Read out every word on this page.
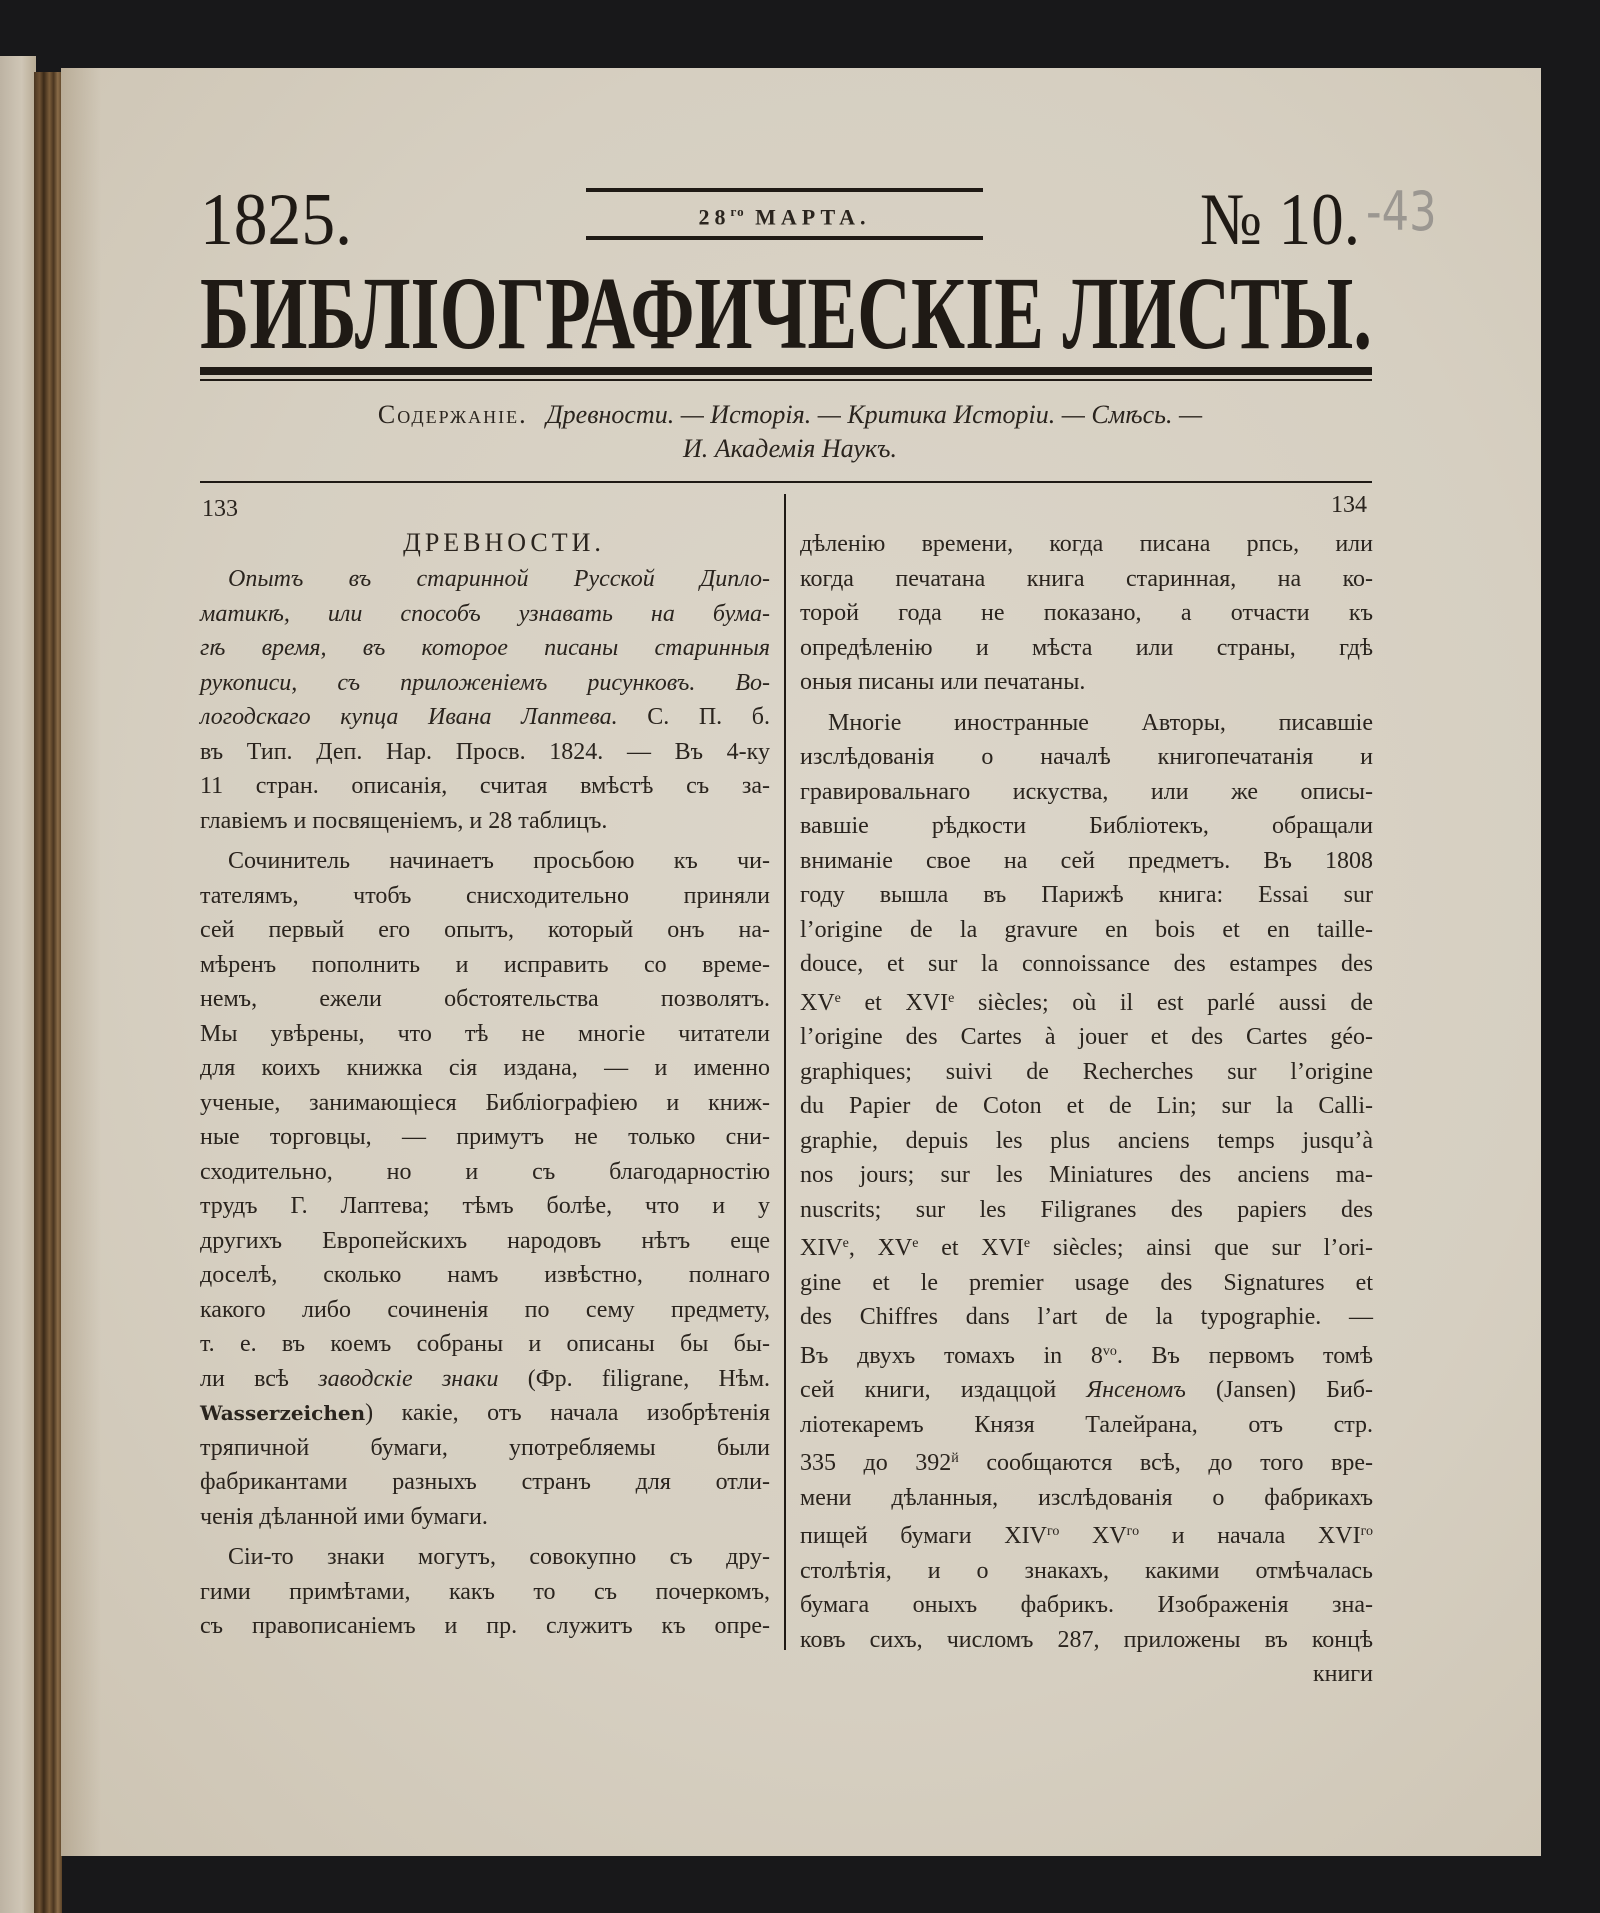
1825.	$28^{го}$ МАРТА.	№ 10. -43
БИБЛІОГРАФИЧЕСКІЕ ЛИСТЫ.
Содержаніе. Древности. — Исторія. — Критика Исторіи. — Смѣсь. —
И. Академія Наукъ.
133	134
ДРЕВНОСТИ.
Опытъ въ старинной Русской Дипло-
матикѣ, или способъ узнавать на бума-
гѣ время, въ которое писаны старинныя
рукописи, съ приложеніемъ рисунковъ. Во-
логодскаго купца Ивана Лаптева. С. П. б.
въ Тип. Деп. Нар. Просв. 1824. — Въ 4-ку
11 стран. описанія, считая вмѣстѣ съ за-
главіемъ и посвященіемъ, и 28 таблицъ.
Сочинитель начинаетъ просьбою къ чи-
тателямъ, чтобъ снисходительно приняли
сей первый его опытъ, который онъ на-
мѣренъ пополнить и исправить со време-
немъ, ежели обстоятельства позволятъ.
Мы увѣрены, что тѣ не многіе читатели
для коихъ книжка сія издана, — и именно
ученые, занимающіеся Библіографіею и книж-
ные торговцы, — примутъ не только сни-
сходительно, но и съ благодарностію
трудъ Г. Лаптева; тѣмъ болѣе, что и у
другихъ Европейскихъ народовъ нѣтъ еще
доселѣ, сколько намъ извѣстно, полнаго
какого либо сочиненія по сему предмету,
т. е. въ коемъ собраны и описаны бы бы-
ли всѣ заводскіе знаки (Фр. filigrane, Нѣм.
Wasserzeichen) какіе, отъ начала изобрѣтенія
тряпичной бумаги, употребляемы были
фабрикантами разныхъ странъ для отли-
ченія дѣланной ими бумаги.
Сіи-то знаки могутъ, совокупно съ дру-
гими примѣтами, какъ то съ почеркомъ,
съ правописаніемъ и пр. служитъ къ опре-
дѣленію времени, когда писана рпсь, или
когда печатана книга старинная, на ко-
торой года не показано, а отчасти къ
опредѣленію и мѣста или страны, гдѣ
оныя писаны или печатаны.
Многіе иностранные Авторы, писавшіе
изслѣдованія о началѣ книгопечатанія и
гравировальнаго искуства, или же описы-
вавшіе рѣдкости Библіотекъ, обращали
вниманіе свое на сей предметъ. Въ 1808
году вышла въ Парижѣ книга: Essai sur
l’origine de la gravure en bois et en taille-
douce, et sur la connoissance des estampes des
XVe et XVIe siècles; où il est parlé aussi de
l’origine des Cartes à jouer et des Cartes géo-
graphiques; suivi de Recherches sur l’origine
du Papier de Coton et de Lin; sur la Calli-
graphie, depuis les plus anciens temps jusqu’à
nos jours; sur les Miniatures des anciens ma-
nuscrits; sur les Filigranes des papiers des
XIVe, XVe et XVIe siècles; ainsi que sur l’ori-
gine et le premier usage des Signatures et
des Chiffres dans l’art de la typographie. —
Въ двухъ томахъ in $8^{vo}$. Въ первомъ томѣ
сей книги, издаццой Янсеномъ (Jansen) Биб-
ліотекаремъ Князя Талейрана, отъ стр.
335 до $392^й$ сообщаются всѣ, до того вре-
мени дѣланныя, изслѣдованія о фабрикахъ
пищей бумаги $XIV^{го}$ $XV^{го}$ и начала $XVI^{го}$
столѣтія, и о знакахъ, какими отмѣчалась
бумага оныхъ фабрикъ. Изображенія зна-
ковъ сихъ, числомъ 287, приложены въ концѣ
книги
